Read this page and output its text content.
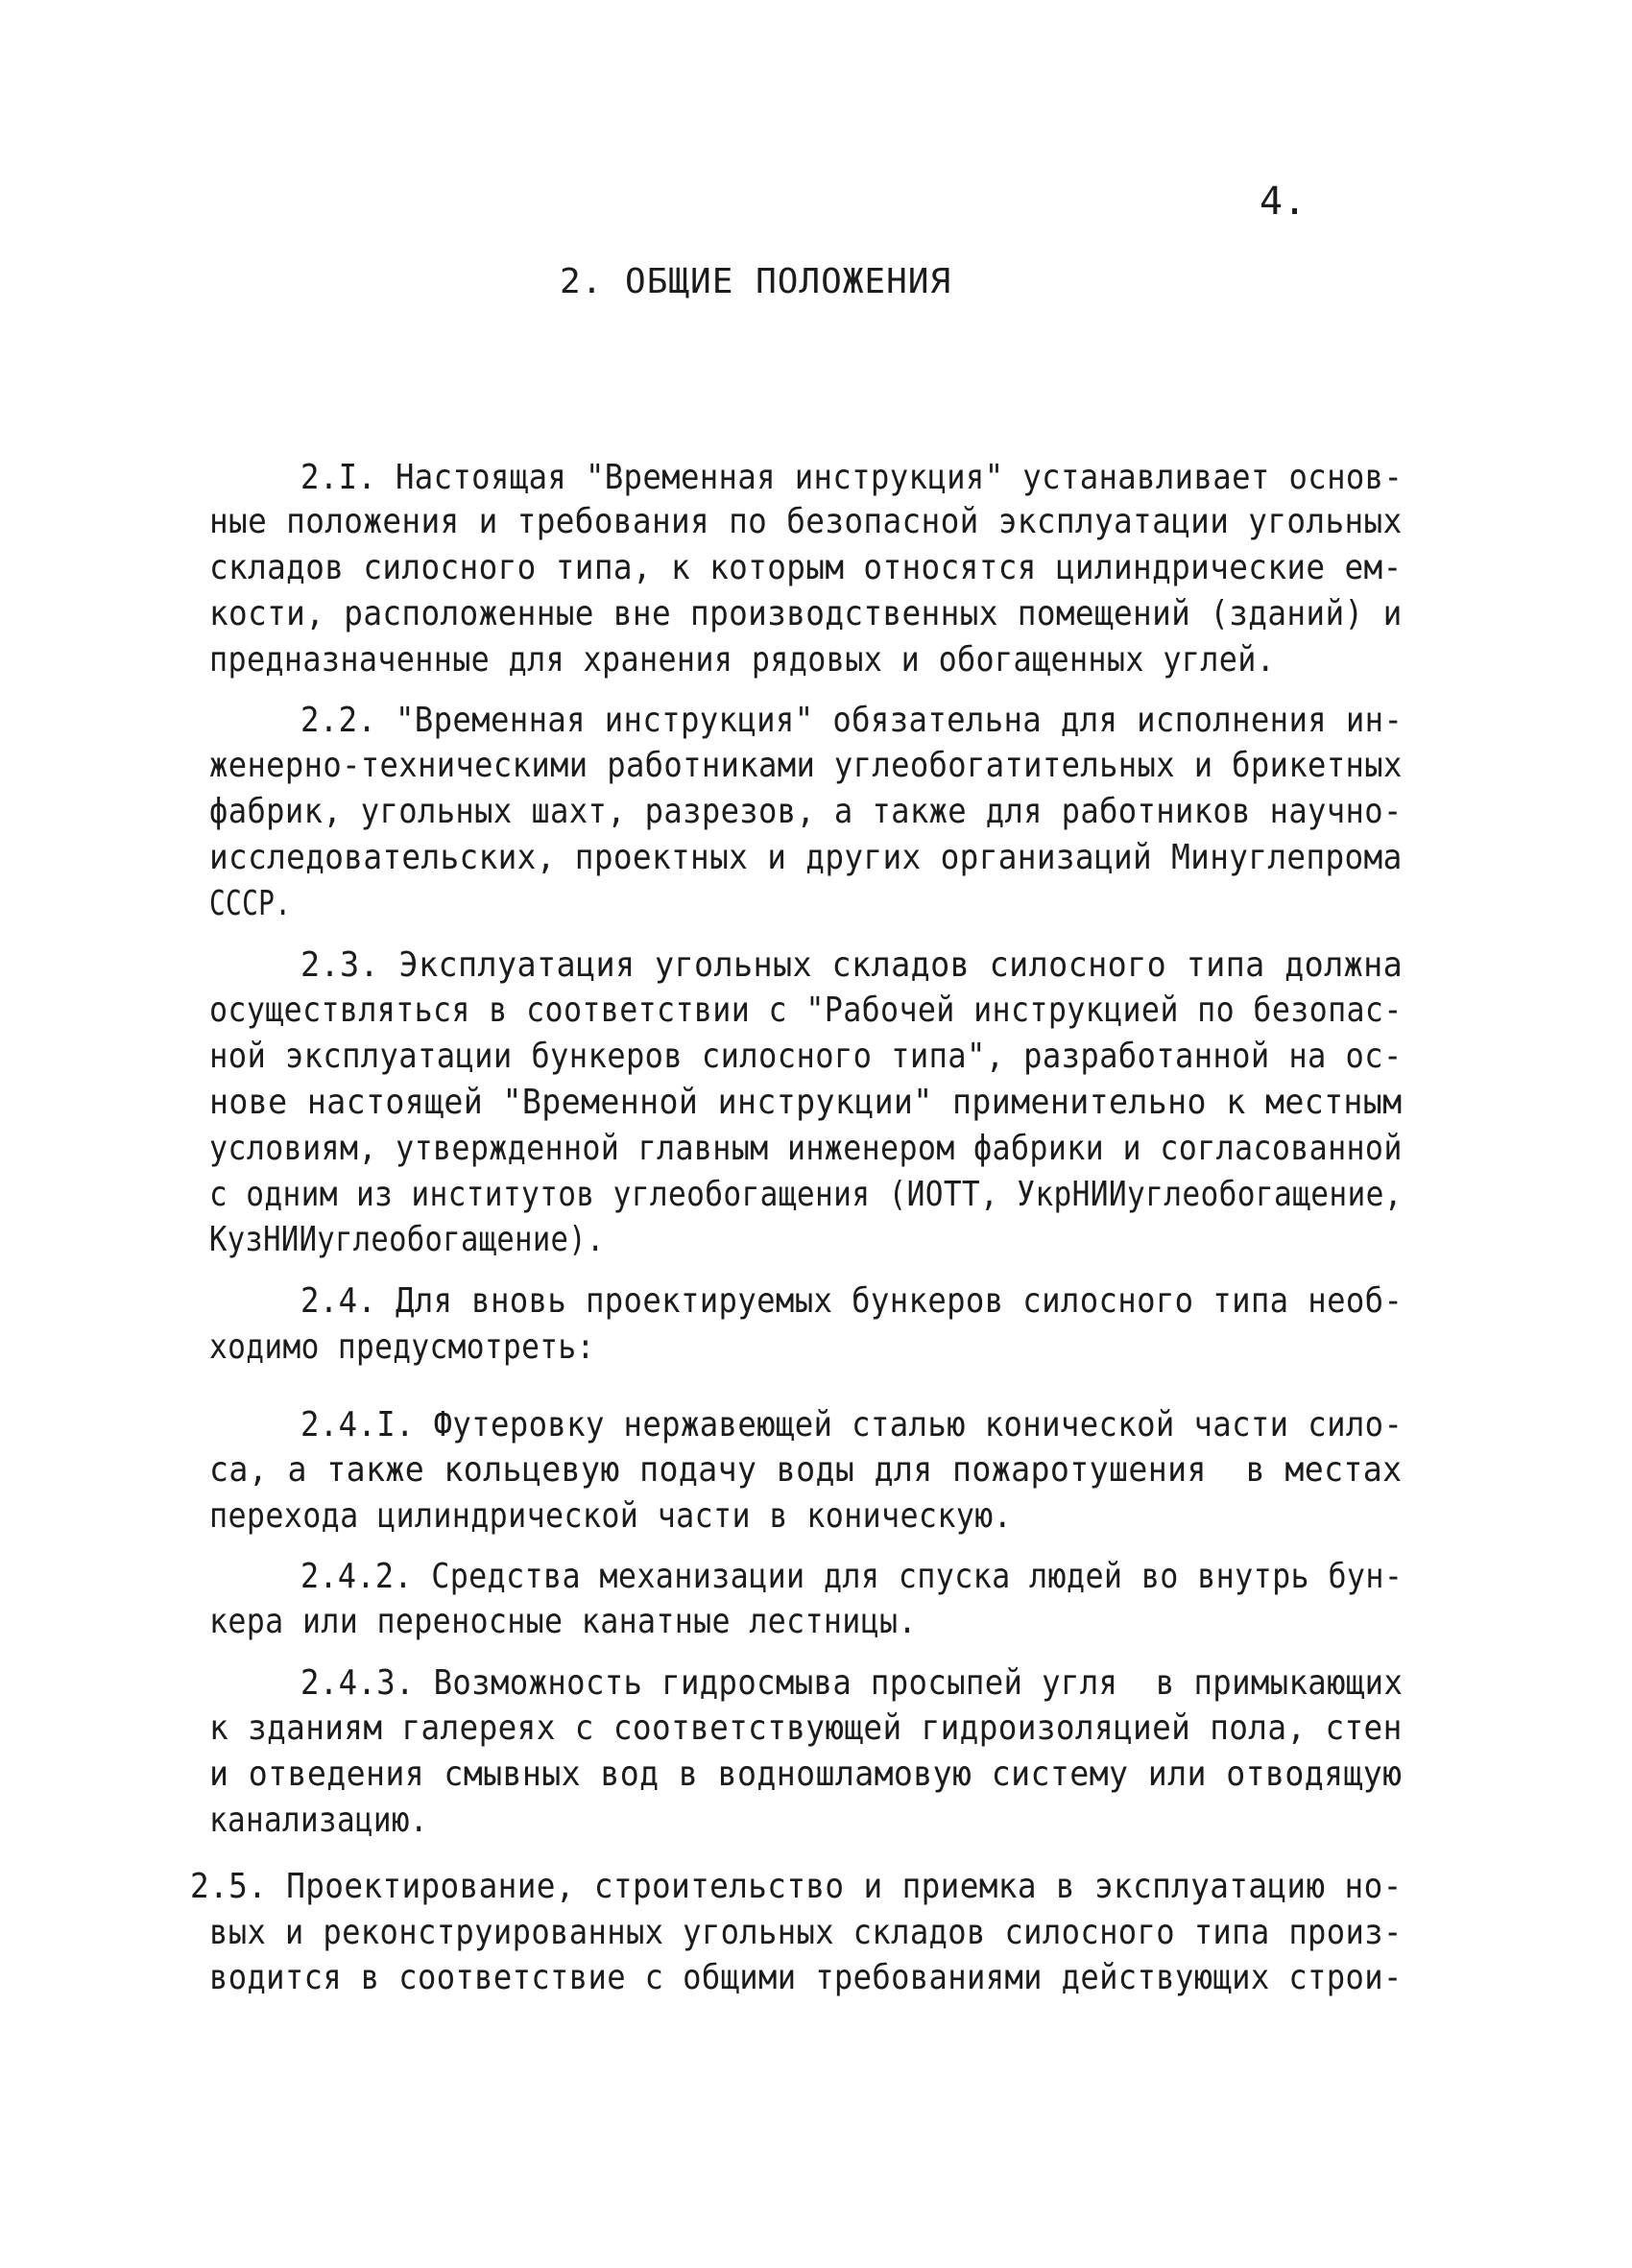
4.

2. ОБЩИЕ ПОЛОЖЕНИЯ

2.I. Настоящая "Временная инструкция" устанавливает основ-

ные положения и требования по безопасной эксплуатации угольных

складов силосного типа, к которым относятся цилиндрические ем-

кости, расположенные вне производственных помещений (зданий) и

предназначенные для хранения рядовых и обогащенных углей.

2.2. "Временная инструкция" обязательна для исполнения ин-

женерно-техническими работниками углеобогатительных и брикетных

фабрик, угольных шахт, разрезов, а также для работников научно-

исследовательских, проектных и других организаций Минуглепрома

СССР.

2.3. Эксплуатация угольных складов силосного типа должна

осуществляться в соответствии с "Рабочей инструкцией по безопас-

ной эксплуатации бункеров силосного типа", разработанной на ос-

нове настоящей "Временной инструкции" применительно к местным

условиям, утвержденной главным инженером фабрики и согласованной

с одним из институтов углеобогащения (ИОТТ, УкрНИИуглеобогащение,

КузНИИуглеобогащение).

2.4. Для вновь проектируемых бункеров силосного типа необ-

ходимо предусмотреть:

2.4.I. Футеровку нержавеющей сталью конической части сило-

са, а также кольцевую подачу воды для пожаротушения  в местах

перехода цилиндрической части в коническую.

2.4.2. Средства механизации для спуска людей во внутрь бун-

кера или переносные канатные лестницы.

2.4.3. Возможность гидросмыва просыпей угля  в примыкающих

к зданиям галереях с соответствующей гидроизоляцией пола, стен

и отведения смывных вод в водношламовую систему или отводящую

канализацию.

2.5. Проектирование, строительство и приемка в эксплуатацию но-

вых и реконструированных угольных складов силосного типа произ-

водится в соответствие с общими требованиями действующих строи-
